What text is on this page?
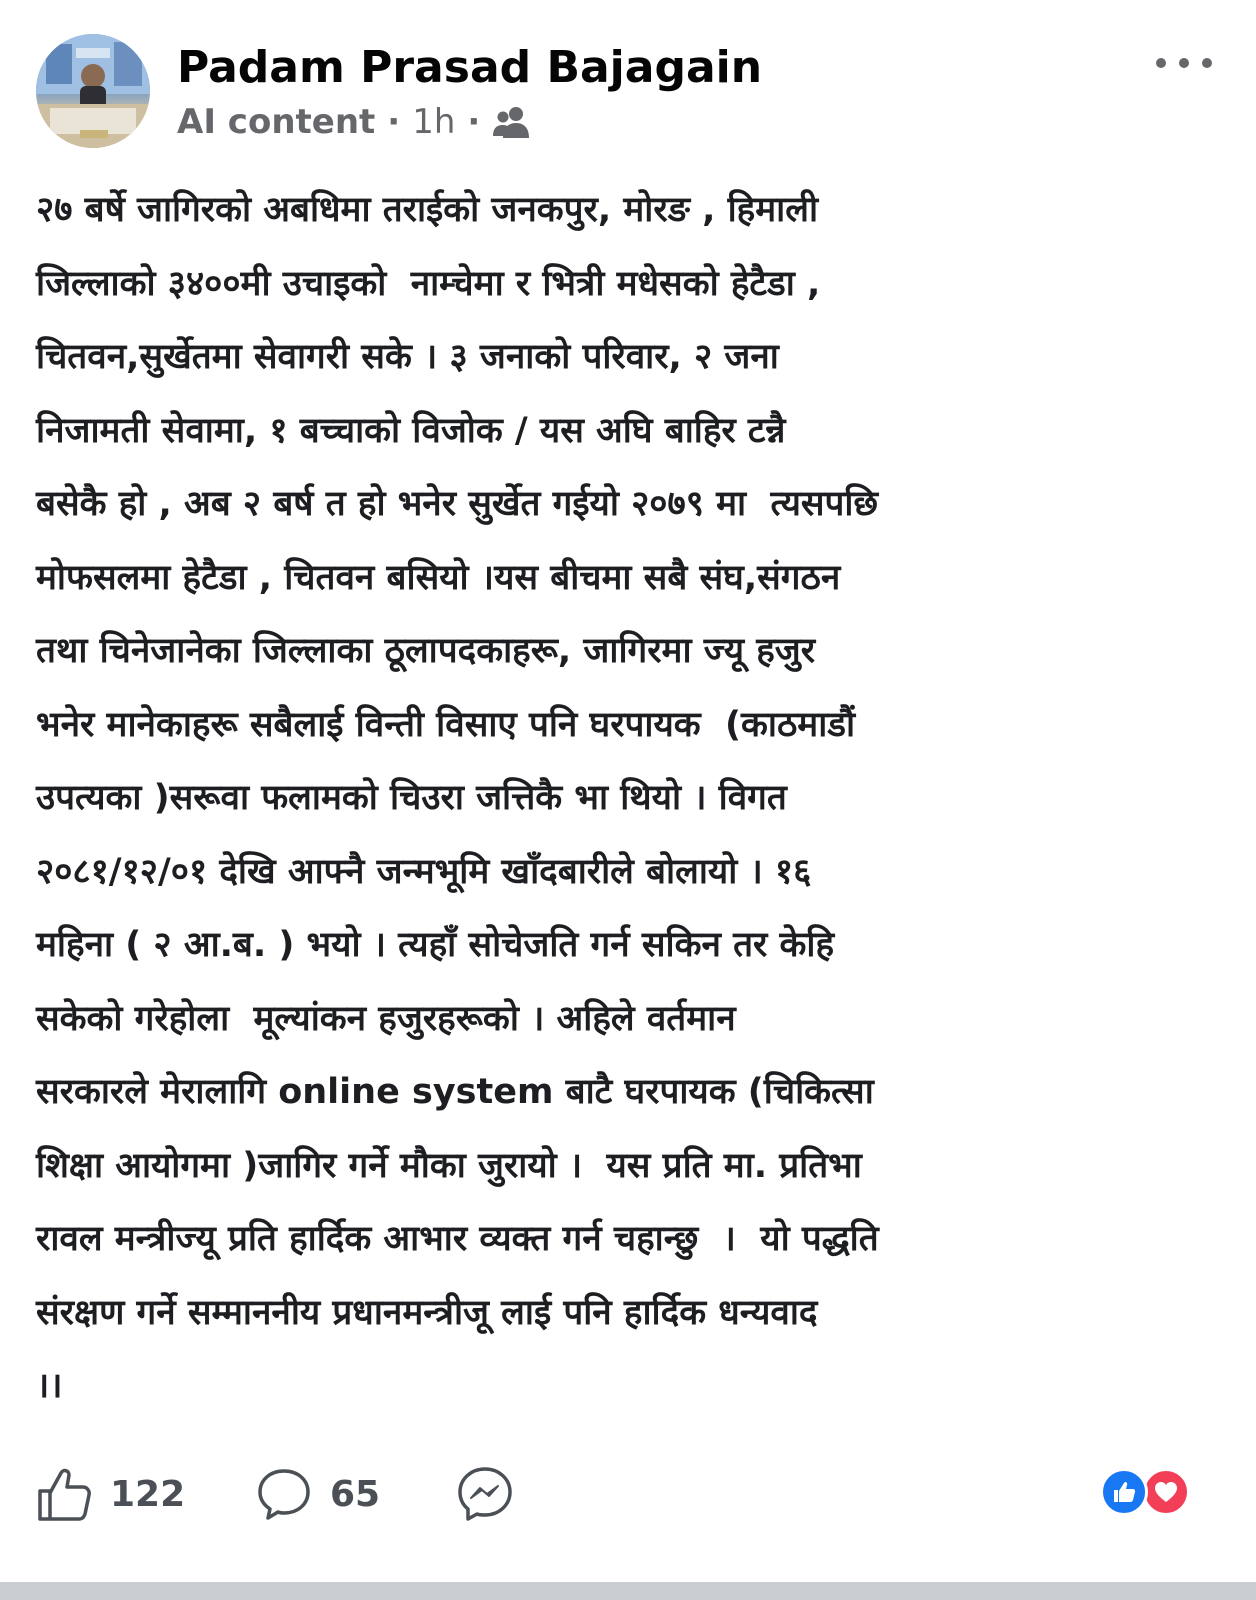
Padam Prasad Bajagain
AI content · 1h ·
२७ बर्षे जागिरको अबधिमा तराईको जनकपुर, मोरङ , हिमाली
जिल्लाको ३४००मी उचाइको  नाम्चेमा र भित्री मधेसको हेटैडा ,
चितवन,सुर्खेतमा सेवागरी सके । ३ जनाको परिवार, २ जना
निजामती सेवामा, १ बच्चाको विजोक / यस अघि बाहिर टन्नै
बसेकै हो , अब २ बर्ष त हो भनेर सुर्खेत गईयो २०७९ मा  त्यसपछि
मोफसलमा हेटैडा , चितवन बसियो ।यस बीचमा सबै संघ,संगठन
तथा चिनेजानेका जिल्लाका ठूलापदकाहरू, जागिरमा ज्यू हजुर
भनेर मानेकाहरू सबैलाई विन्ती विसाए पनि घरपायक  (काठमाडौं
उपत्यका )सरूवा फलामको चिउरा जत्तिकै भा थियो । विगत
२०८१/१२/०१ देखि आफ्नै जन्मभूमि खाँदबारीले बोलायो । १६
महिना ( २ आ.ब. ) भयो । त्यहाँ सोचेजति गर्न सकिन तर केहि
सकेको गरेहोला  मूल्यांकन हजुरहरूको । अहिले वर्तमान
सरकारले मेरालागि online system बाटै घरपायक (चिकित्सा
शिक्षा आयोगमा )जागिर गर्ने मौका जुरायो ।  यस प्रति मा. प्रतिभा
रावल मन्त्रीज्यू प्रति हार्दिक आभार व्यक्त गर्न चहान्छु  ।  यो पद्धति
संरक्षण गर्ने सम्माननीय प्रधानमन्त्रीजू लाई पनि हार्दिक धन्यवाद
।।
122	65
